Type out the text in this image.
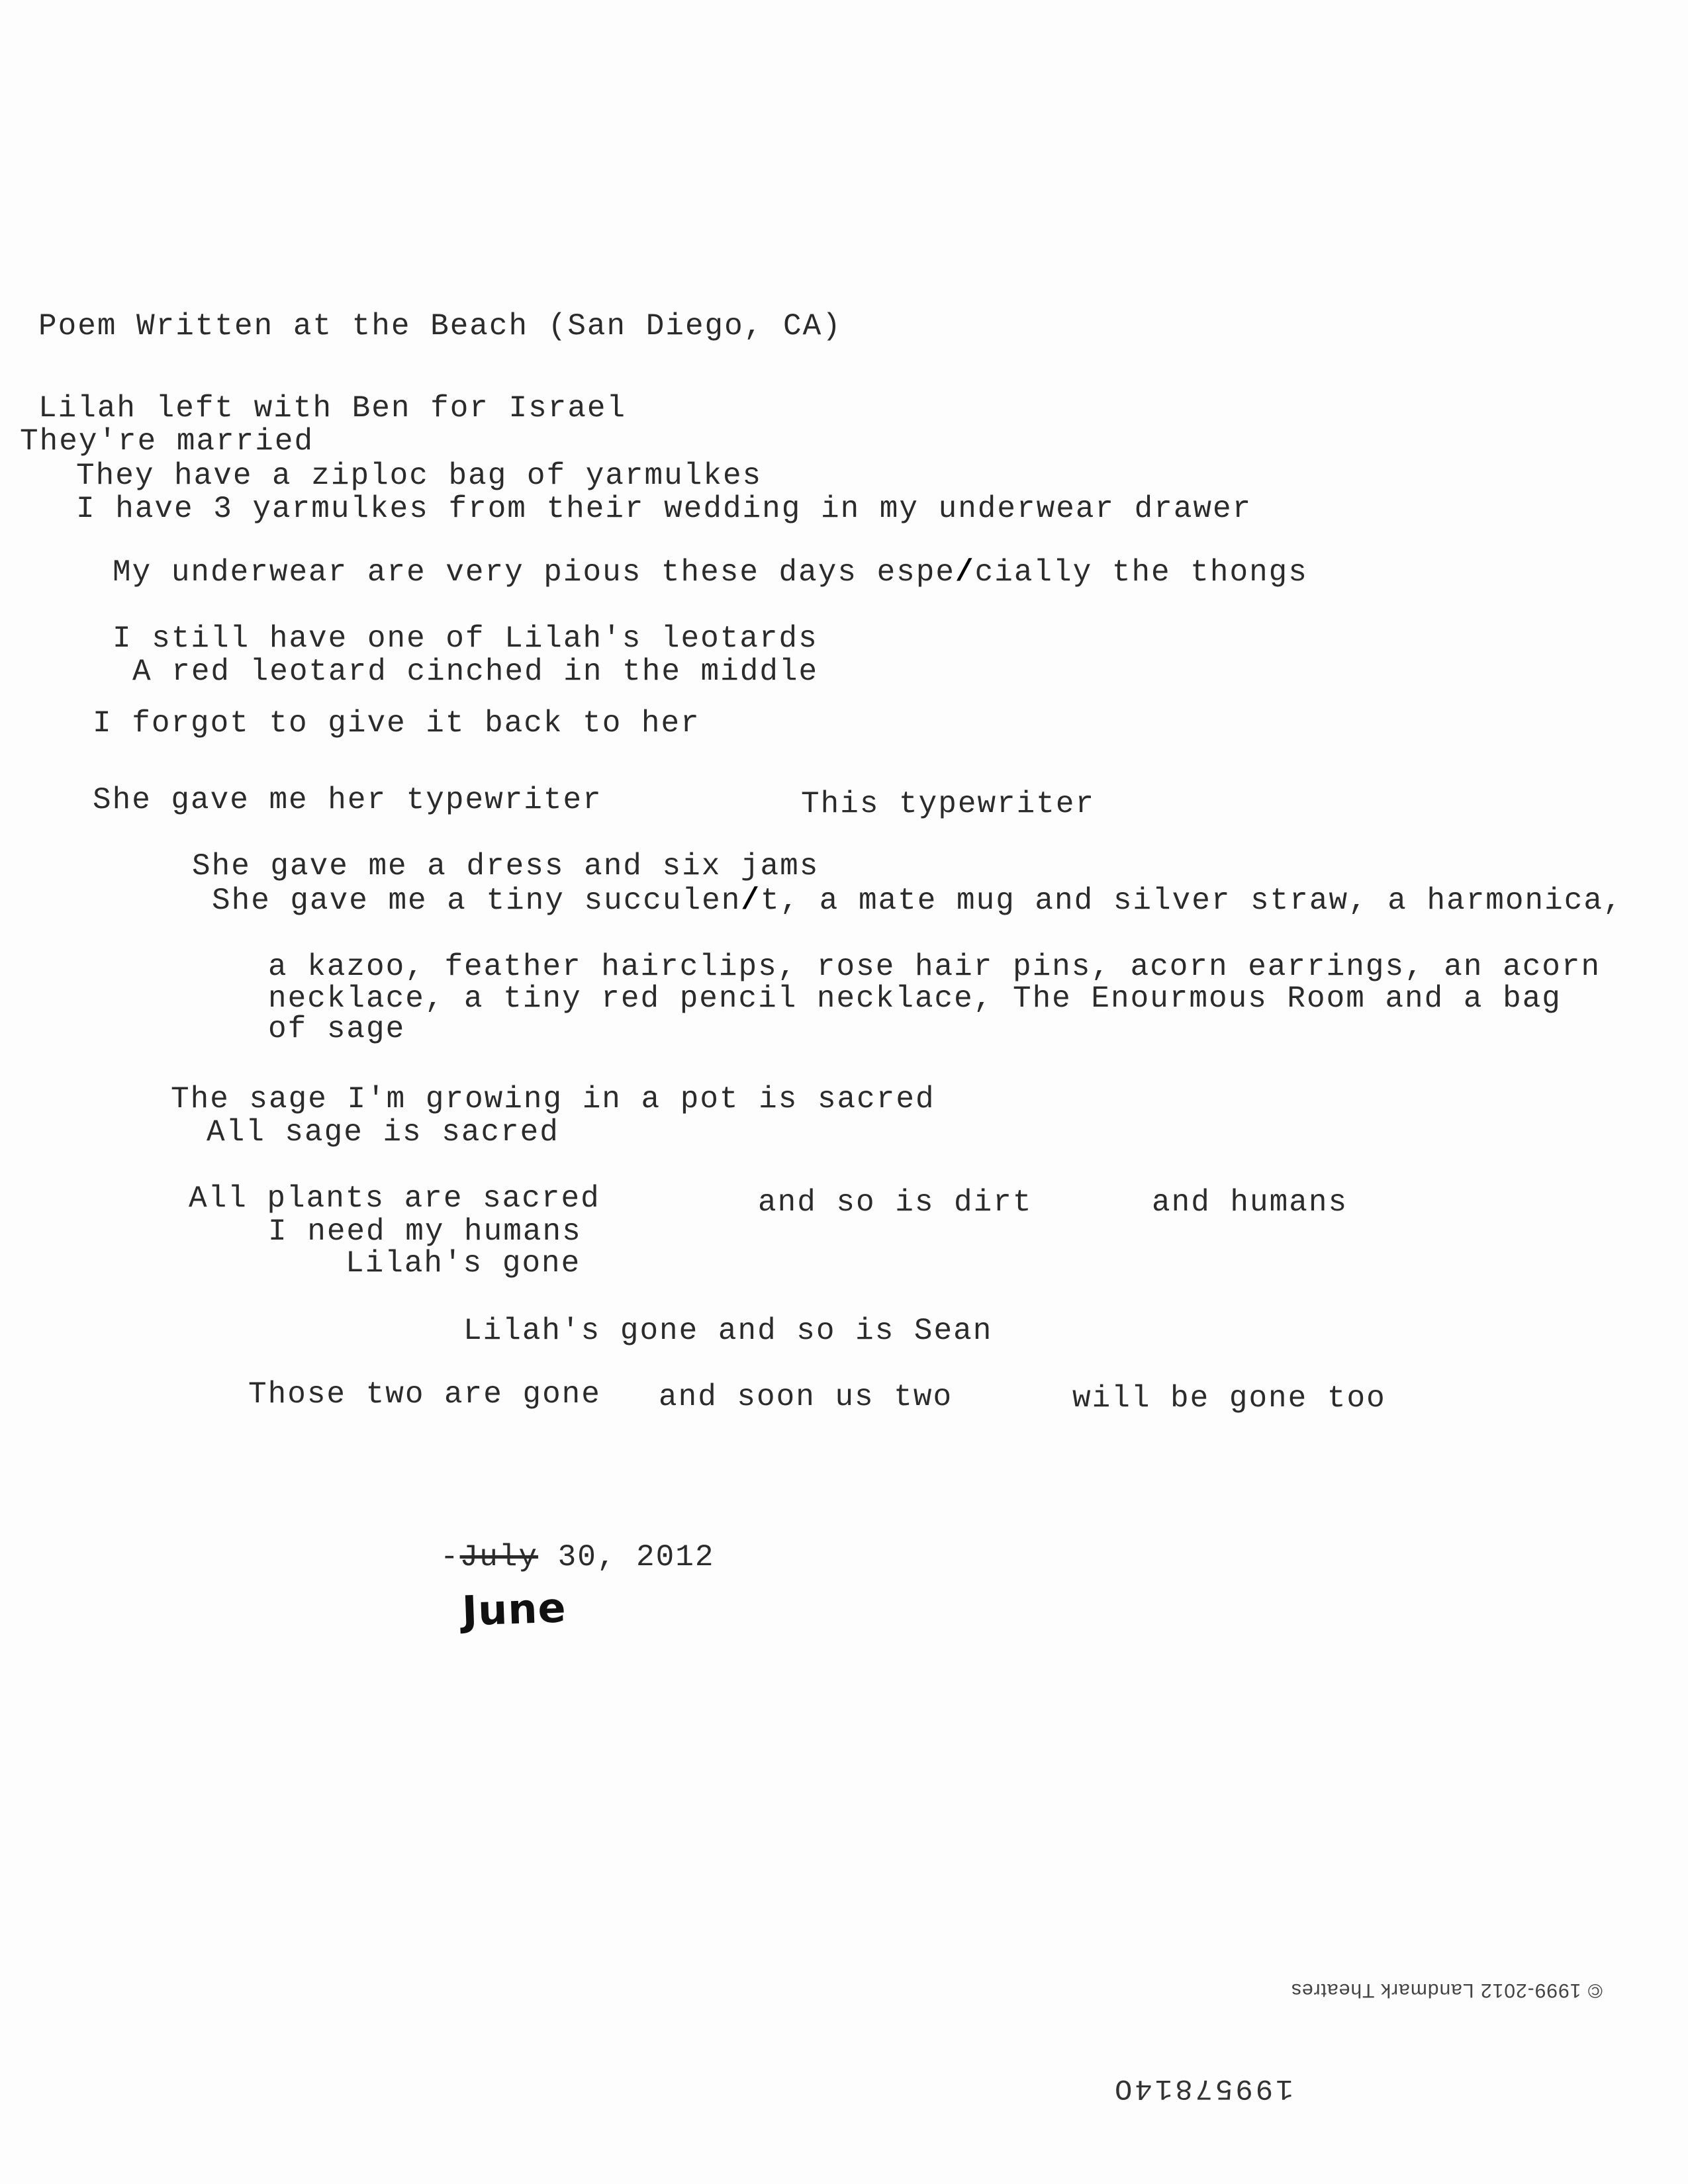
Poem Written at the Beach (San Diego, CA)
Lilah left with Ben for Israel
They're married
They have a ziploc bag of yarmulkes
I have 3 yarmulkes from their wedding in my underwear drawer
My underwear are very pious these days espe/cially the thongs
I still have one of Lilah's leotards
A red leotard cinched in the middle
I forgot to give it back to her
She gave me her typewriter	This typewriter
She gave me a dress and six jams
She gave me a tiny succulen/t, a mate mug and silver straw, a harmonica,
a kazoo, feather hairclips, rose hair pins, acorn earrings, an acorn
necklace, a tiny red pencil necklace, The Enourmous Room and a bag
of sage
The sage I'm growing in a pot is sacred
All sage is sacred
All plants are sacred	and so is dirt	and humans
I need my humans
Lilah's gone
Lilah's gone and so is Sean
Those two are gone and soon us two	will be gone too
-July 30, 2012
June
© 1999-2012 Landmark Theatres
19957814O
